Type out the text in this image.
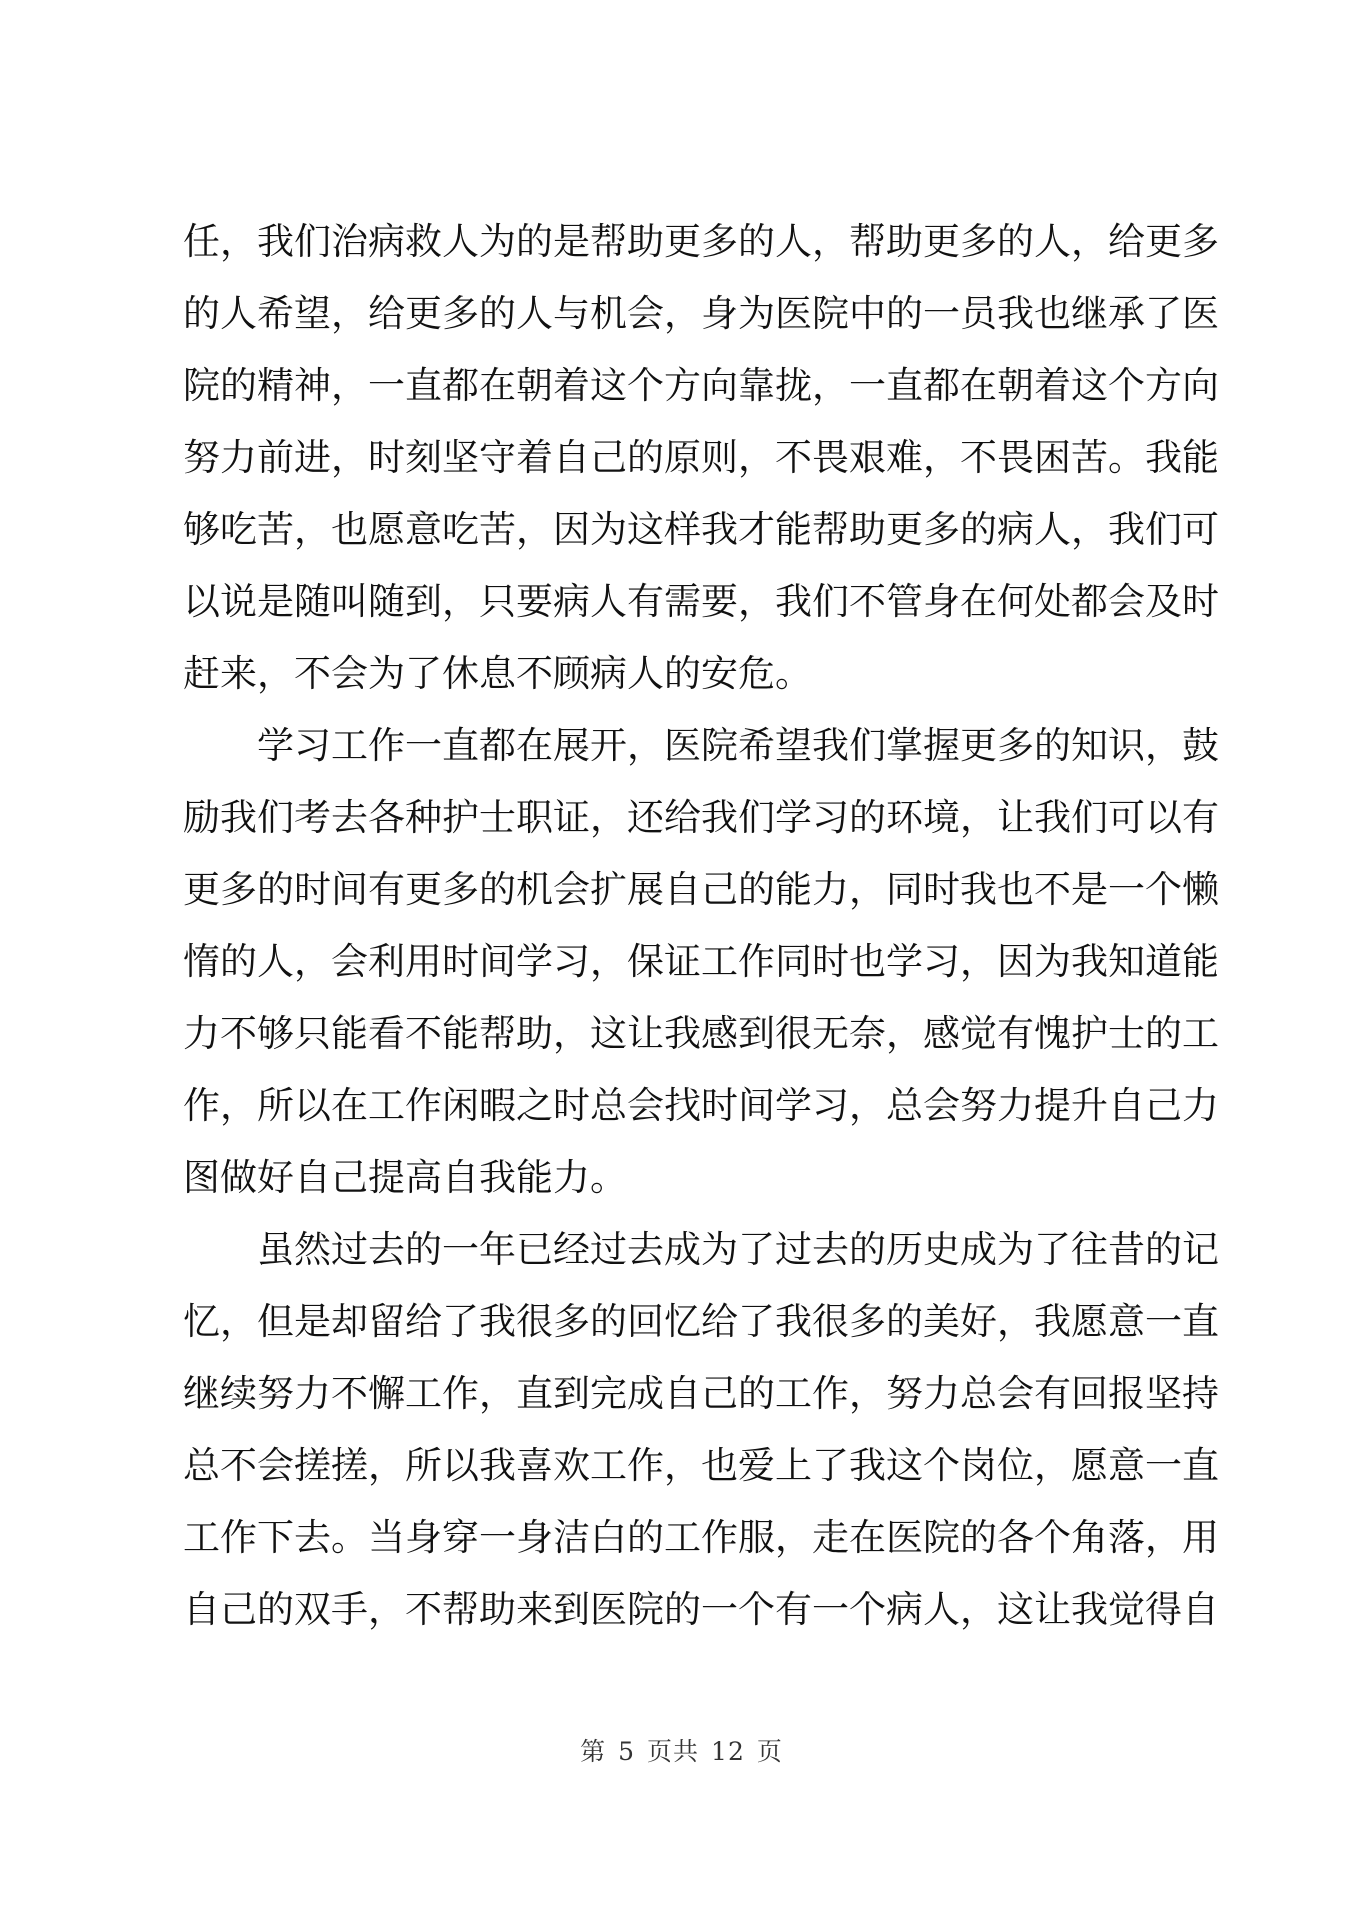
任，我们治病救人为的是帮助更多的人，帮助更多的人，给更多
的人希望，给更多的人与机会，身为医院中的一员我也继承了医
院的精神，一直都在朝着这个方向靠拢，一直都在朝着这个方向
努力前进，时刻坚守着自己的原则，不畏艰难，不畏困苦。我能
够吃苦，也愿意吃苦，因为这样我才能帮助更多的病人，我们可
以说是随叫随到，只要病人有需要，我们不管身在何处都会及时
赶来，不会为了休息不顾病人的安危。
学习工作一直都在展开，医院希望我们掌握更多的知识，鼓
励我们考去各种护士职证，还给我们学习的环境，让我们可以有
更多的时间有更多的机会扩展自己的能力，同时我也不是一个懒
惰的人，会利用时间学习，保证工作同时也学习，因为我知道能
力不够只能看不能帮助，这让我感到很无奈，感觉有愧护士的工
作，所以在工作闲暇之时总会找时间学习，总会努力提升自己力
图做好自己提高自我能力。
虽然过去的一年已经过去成为了过去的历史成为了往昔的记
忆，但是却留给了我很多的回忆给了我很多的美好，我愿意一直
继续努力不懈工作，直到完成自己的工作，努力总会有回报坚持
总不会搓搓，所以我喜欢工作，也爱上了我这个岗位，愿意一直
工作下去。当身穿一身洁白的工作服，走在医院的各个角落，用
自己的双手，不帮助来到医院的一个有一个病人，这让我觉得自
第 5 页共 12 页
